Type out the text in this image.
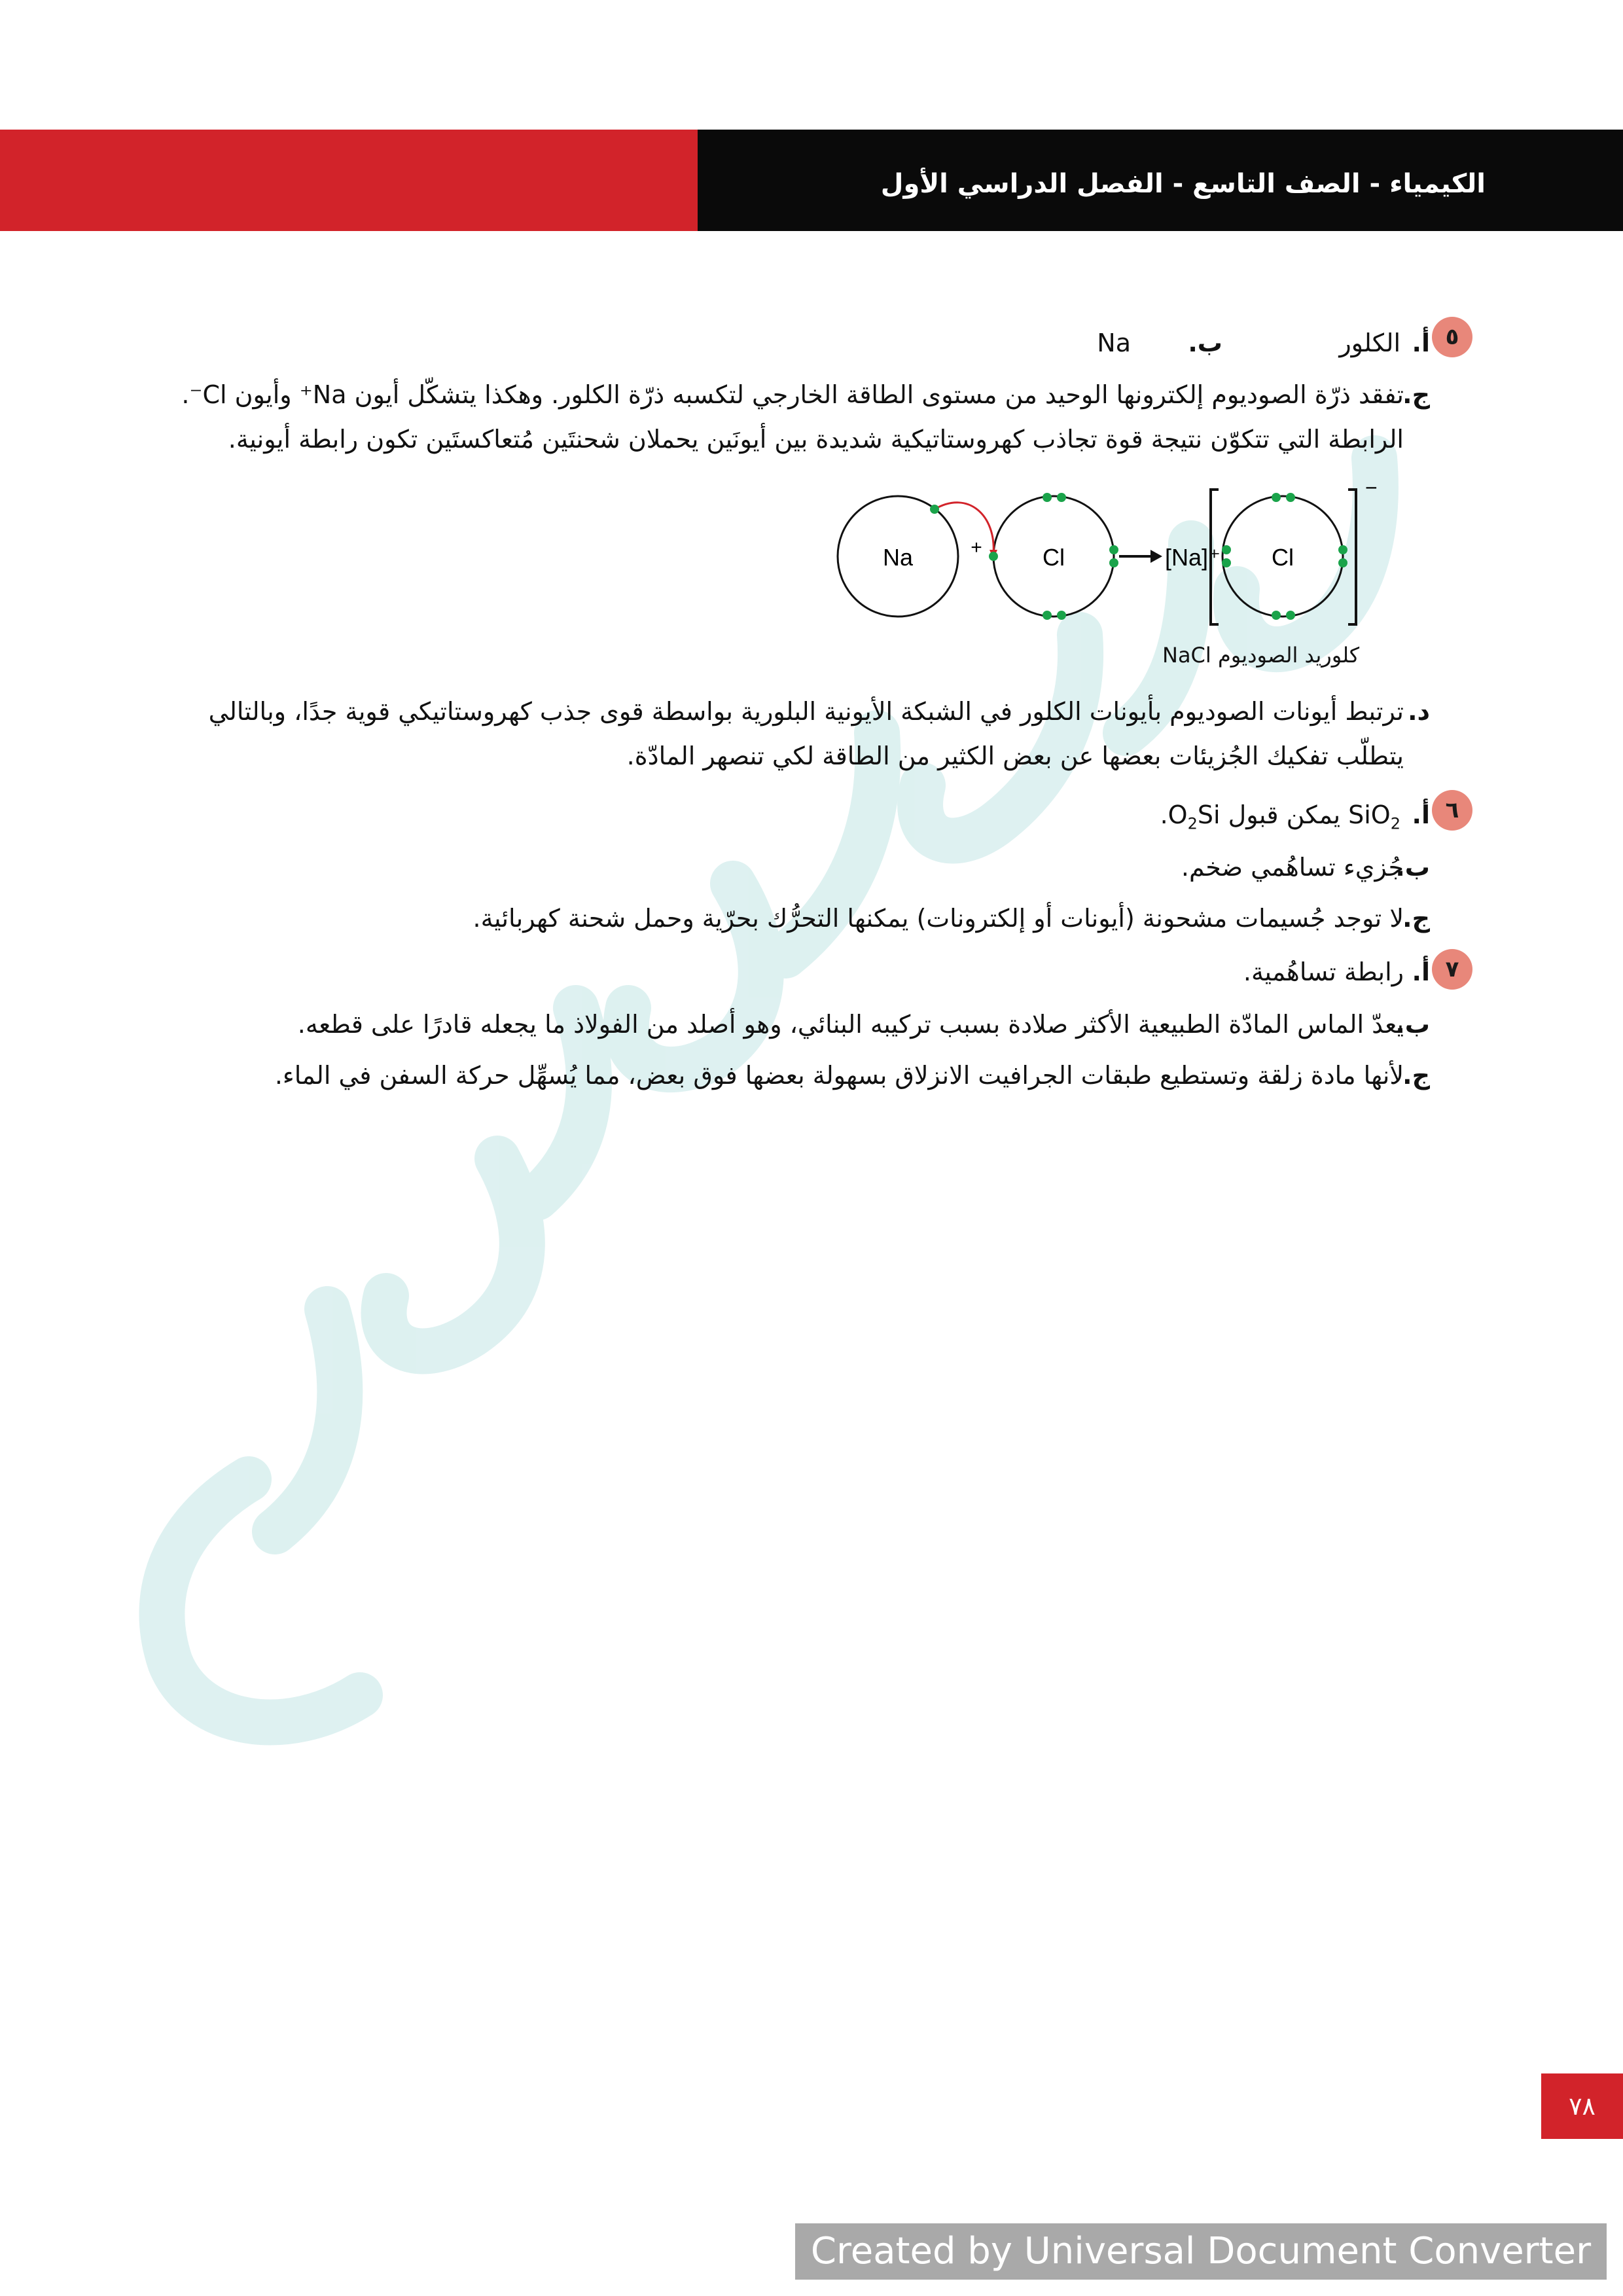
الكيمياء - الصف التاسع - الفصل الدراسي الأول
٥
أ.
الكلور
ب.
Na
ج.
تفقد ذرّة الصوديوم إلكترونها الوحيد من مستوى الطاقة الخارجي لتكسبه ذرّة الكلور. وهكذا يتشكّل أيون Na⁺ وأيون Cl⁻.
الرابطة التي تتكوّن نتيجة قوة تجاذب كهروستاتيكية شديدة بين أيونَين يحملان شحنتَين مُتعاكستَين تكون رابطة أيونية.
Na	+	Cl	[Na]⁺ Cl
−
كلوريد الصوديوم NaCl
د.
ترتبط أيونات الصوديوم بأيونات الكلور في الشبكة الأيونية البلورية بواسطة قوى جذب كهروستاتيكي قوية جدًا، وبالتالي
يتطلّب تفكيك الجُزيئات بعضها عن بعض الكثير من الطاقة لكي تنصهر المادّة.
٦
أ.
$.O_2Si$ يمكن قبول SiO$_2$
ب.
جُزيء تساهُمي ضخم.
ج.
لا توجد جُسيمات مشحونة (أيونات أو إلكترونات) يمكنها التحرُّك بحرّية وحمل شحنة كهربائية.
٧
أ.
رابطة تساهُمية.
ب.
يعدّ الماس المادّة الطبيعية الأكثر صلادة بسبب تركيبه البنائي، وهو أصلد من الفولاذ ما يجعله قادرًا على قطعه.
ج.
لأنها مادة زلقة وتستطيع طبقات الجرافيت الانزلاق بسهولة بعضها فوق بعض، مما يُسهِّل حركة السفن في الماء.
٧٨
Created by Universal Document Converter
